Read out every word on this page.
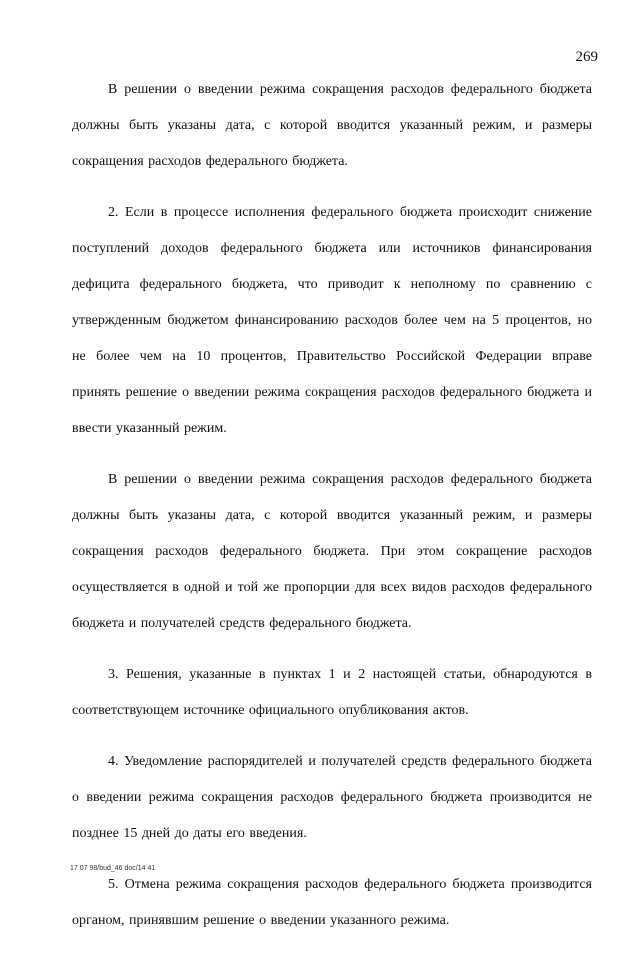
269

В решении о введении режима сокращения расходов федерального бюджета должны быть указаны дата, с которой вводится указанный режим, и размеры сокращения расходов федерального бюджета.

2. Если в процессе исполнения федерального бюджета происходит снижение поступлений доходов федерального бюджета или источников финансирования дефицита федерального бюджета, что приводит к неполному по сравнению с утвержденным бюджетом финансированию расходов более чем на 5 процентов, но не более чем на 10 процентов, Правительство Российской Федерации вправе принять решение о введении режима сокращения расходов федерального бюджета и ввести указанный режим.

В решении о введении режима сокращения расходов федерального бюджета должны быть указаны дата, с которой вводится указанный режим, и размеры сокращения расходов федерального бюджета. При этом сокращение расходов осуществляется в одной и той же пропорции для всех видов расходов федерального бюджета и получателей средств федерального бюджета.

3. Решения, указанные в пунктах 1 и 2 настоящей статьи, обнародуются в соответствующем источнике официального опубликования актов.

4. Уведомление распорядителей и получателей средств федерального бюджета о введении режима сокращения расходов федерального бюджета производится не позднее 15 дней до даты его введения.

5. Отмена режима сокращения расходов федерального бюджета производится органом, принявшим решение о введении указанного режима.

17 07 98/bud_46 doc/14 41
